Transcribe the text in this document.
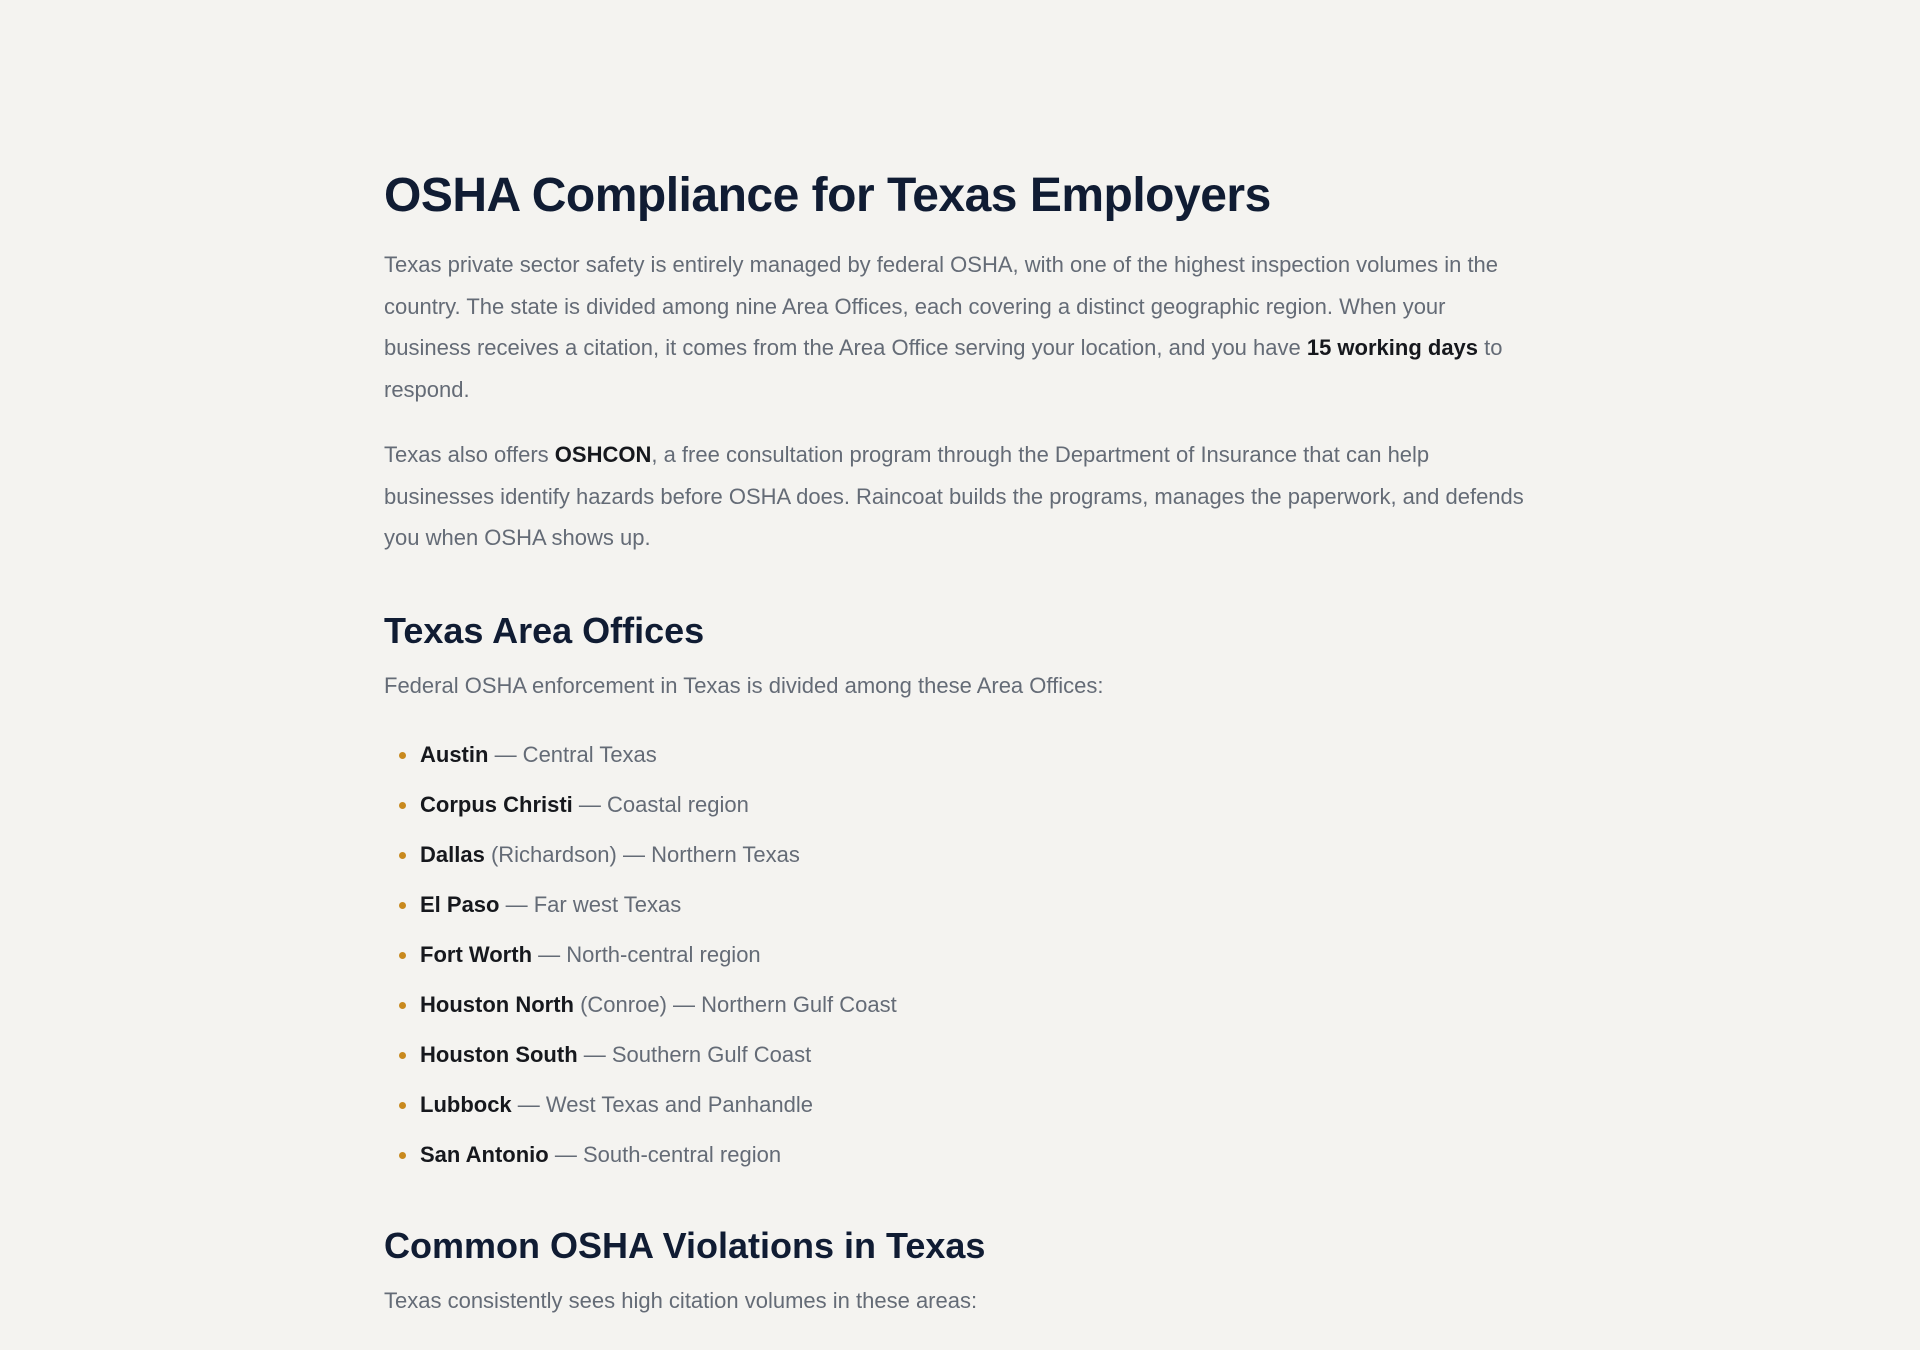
OSHA Compliance for Texas Employers

Texas private sector safety is entirely managed by federal OSHA, with one of the highest inspection volumes in the country. The state is divided among nine Area Offices, each covering a distinct geographic region. When your business receives a citation, it comes from the Area Office serving your location, and you have 15 working days to respond.

Texas also offers OSHCON, a free consultation program through the Department of Insurance that can help businesses identify hazards before OSHA does. Raincoat builds the programs, manages the paperwork, and defends you when OSHA shows up.

Texas Area Offices

Federal OSHA enforcement in Texas is divided among these Area Offices:

Austin — Central Texas
Corpus Christi — Coastal region
Dallas (Richardson) — Northern Texas
El Paso — Far west Texas
Fort Worth — North-central region
Houston North (Conroe) — Northern Gulf Coast
Houston South — Southern Gulf Coast
Lubbock — West Texas and Panhandle
San Antonio — South-central region
Common OSHA Violations in Texas

Texas consistently sees high citation volumes in these areas:
